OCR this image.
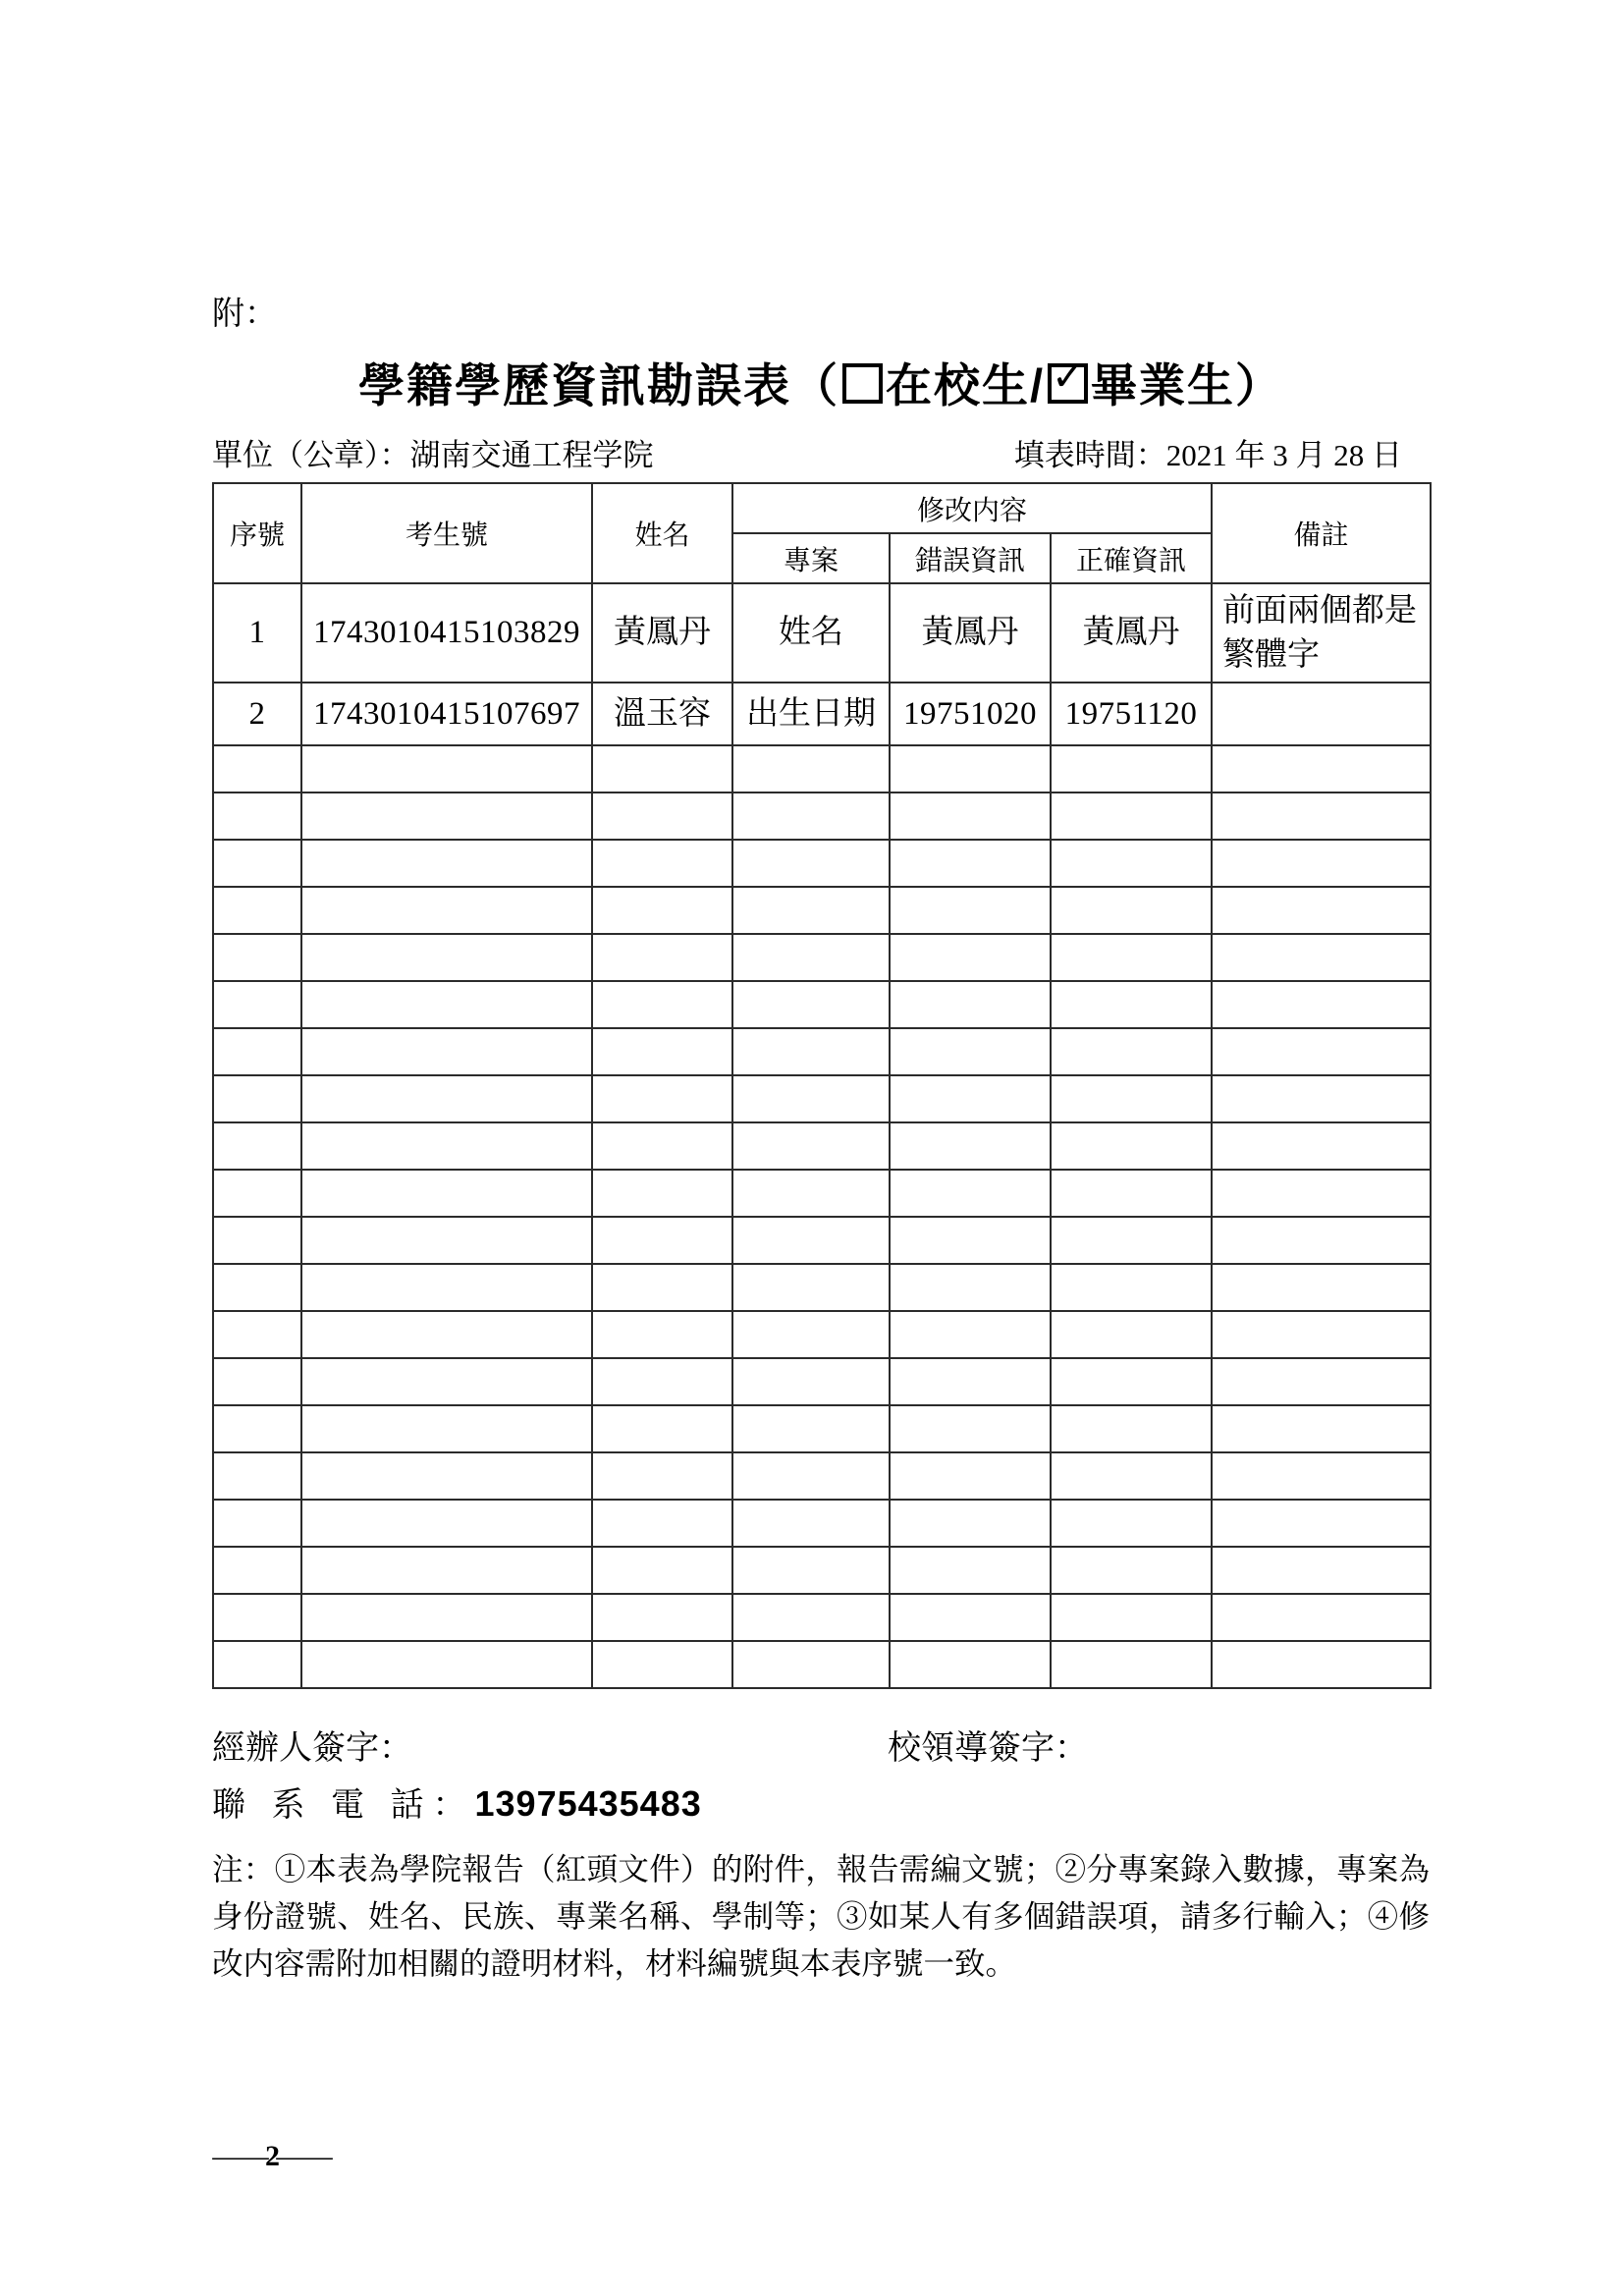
附：
學籍學歷資訊勘誤表（ 在校生/ ✓ 畢業生）
單位（公章）：湖南交通工程学院	填表時間：2021 年 3 月 28 日
序號	考生號	姓名	修改内容			備註
			專案	錯誤資訊	正確資訊	
1	1743010415103829	黃鳳丹	姓名	黃鳳丹	黃鳳丹	前面兩個都是繁體字
2	1743010415107697	溫玉容	出生日期	19751020	19751120	

經辦人簽字：	校領導簽字：
聯 系 電 話：13975435483

注：①本表為學院報告（紅頭文件）的附件，報告需編文號；②分專案錄入數據，專案為身份證號、姓名、民族、專業名稱、學制等；③如某人有多個錯誤項，請多行輸入；④修改内容需附加相關的證明材料，材料編號與本表序號一致。

—2—
